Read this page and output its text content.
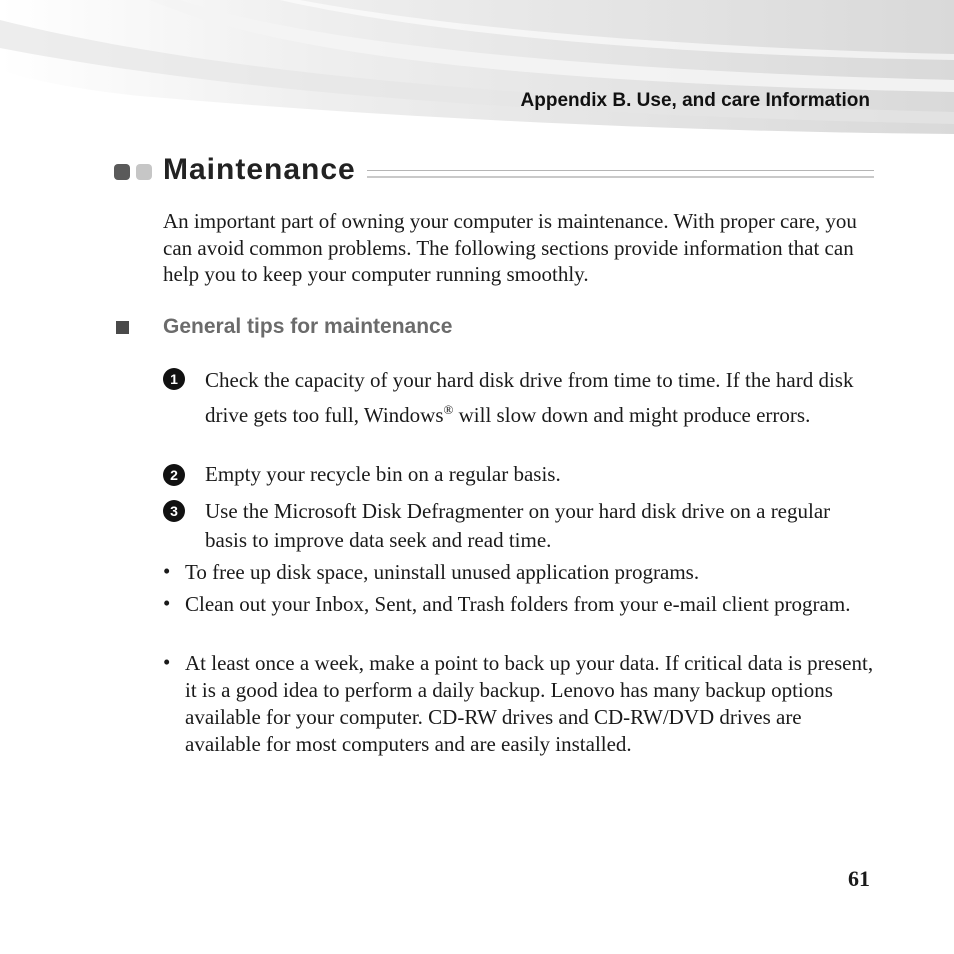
Appendix B. Use, and care Information
Maintenance

An important part of owning your computer is maintenance. With proper care, you can avoid common problems. The following sections provide information that can help you to keep your computer running smoothly.

General tips for maintenance
1	Check the capacity of your hard disk drive from time to time. If the hard disk drive gets too full, Windows® will slow down and might produce errors.

2	Empty your recycle bin on a regular basis.

3	Use the Microsoft Disk Defragmenter on your hard disk drive on a regular basis to improve data seek and read time.

• To free up disk space, uninstall unused application programs.

• Clean out your Inbox, Sent, and Trash folders from your e-mail client program.

• At least once a week, make a point to back up your data. If critical data is present, it is a good idea to perform a daily backup. Lenovo has many backup options available for your computer. CD-RW drives and CD-RW/DVD drives are available for most computers and are easily installed.

61
